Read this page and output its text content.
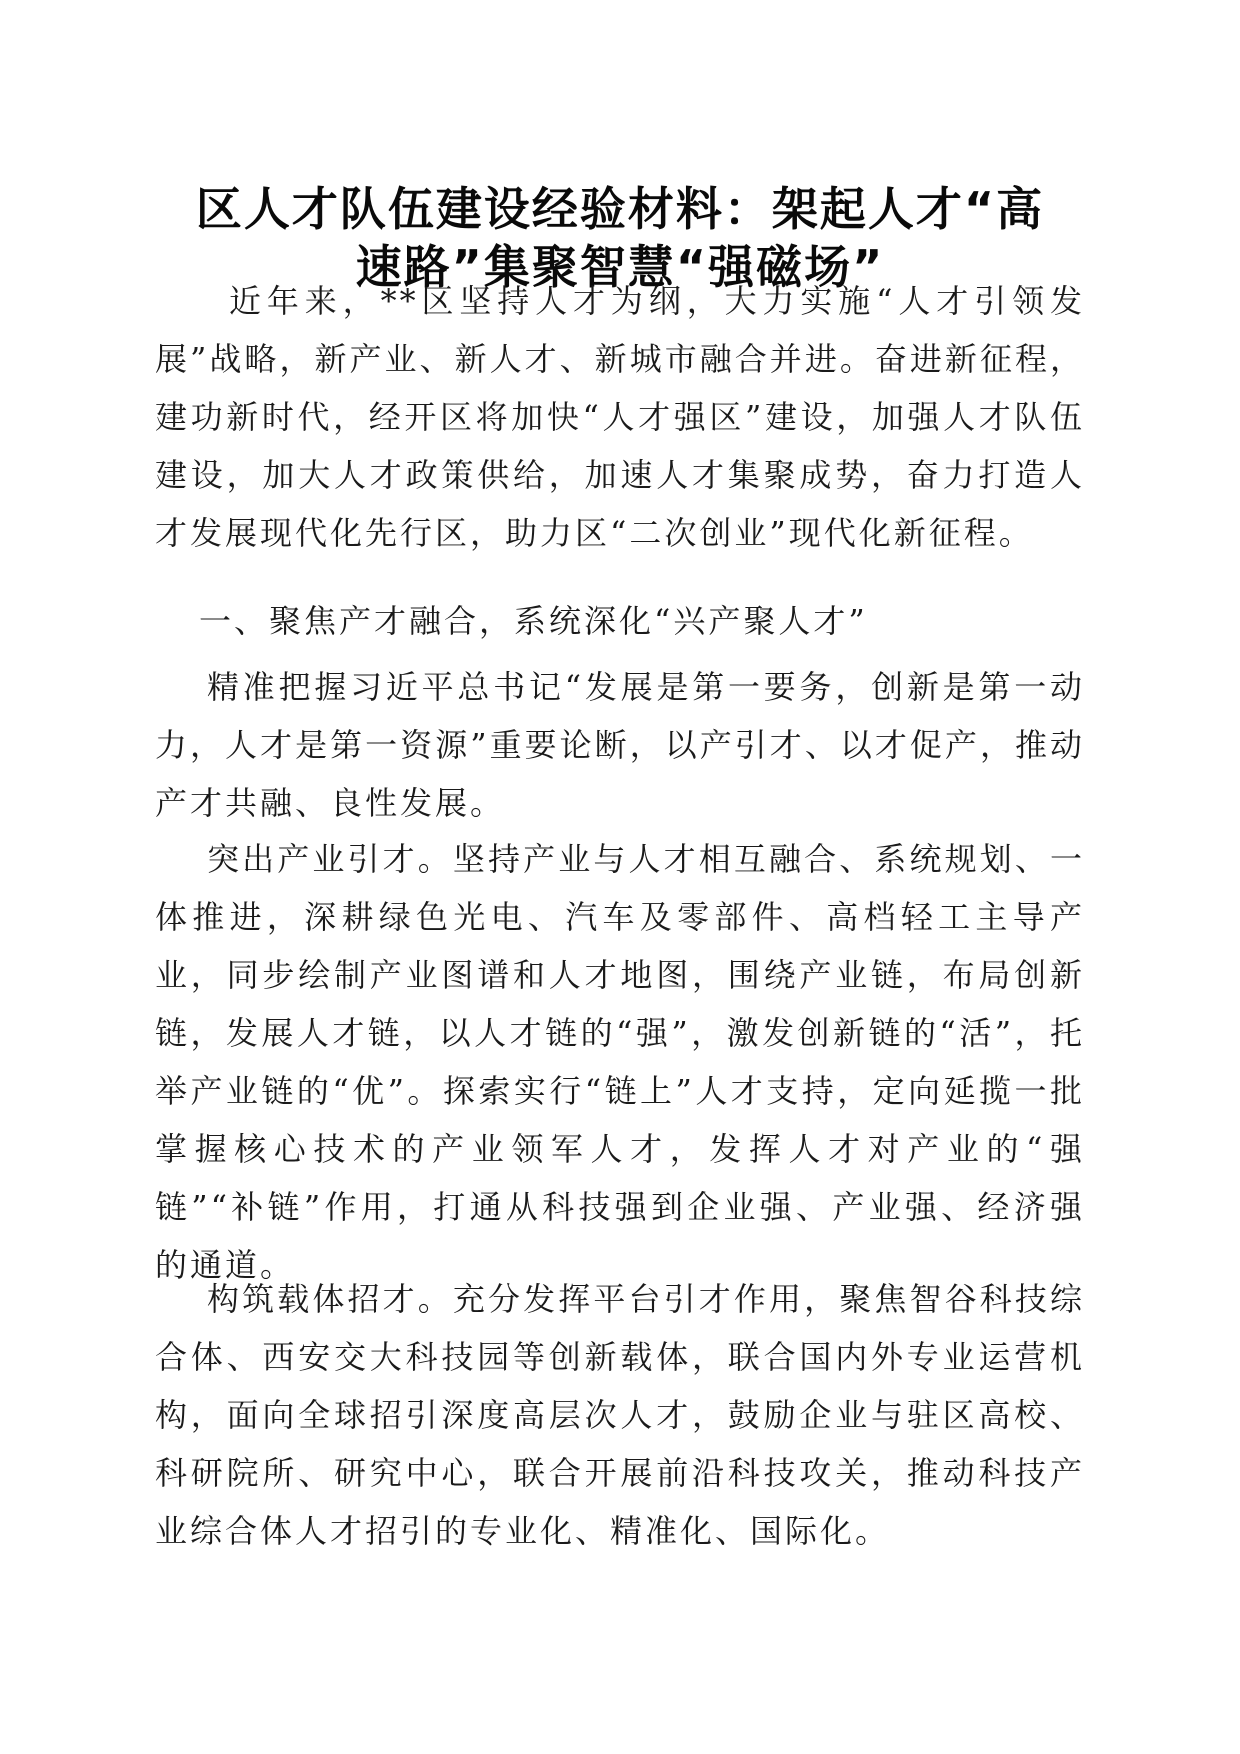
区人才队伍建设经验材料：架起人才“高
速路”集聚智慧“强磁场”

近年来，**区坚持人才为纲，大力实施“人才引领发展”战略，新产业、新人才、新城市融合并进。奋进新征程，建功新时代，经开区将加快“人才强区”建设，加强人才队伍建设，加大人才政策供给，加速人才集聚成势，奋力打造人才发展现代化先行区，助力区“二次创业”现代化新征程。

一、聚焦产才融合，系统深化“兴产聚人才”

精准把握习近平总书记“发展是第一要务，创新是第一动力，人才是第一资源”重要论断，以产引才、以才促产，推动产才共融、良性发展。

突出产业引才。坚持产业与人才相互融合、系统规划、一体推进，深耕绿色光电、汽车及零部件、高档轻工主导产业，同步绘制产业图谱和人才地图，围绕产业链，布局创新链，发展人才链，以人才链的“强”，激发创新链的“活”，托举产业链的“优”。探索实行“链上”人才支持，定向延揽一批掌握核心技术的产业领军人才，发挥人才对产业的“强链”“补链”作用，打通从科技强到企业强、产业强、经济强的通道。

构筑载体招才。充分发挥平台引才作用，聚焦智谷科技综合体、西安交大科技园等创新载体，联合国内外专业运营机构，面向全球招引深度高层次人才，鼓励企业与驻区高校、科研院所、研究中心，联合开展前沿科技攻关，推动科技产业综合体人才招引的专业化、精准化、国际化。
